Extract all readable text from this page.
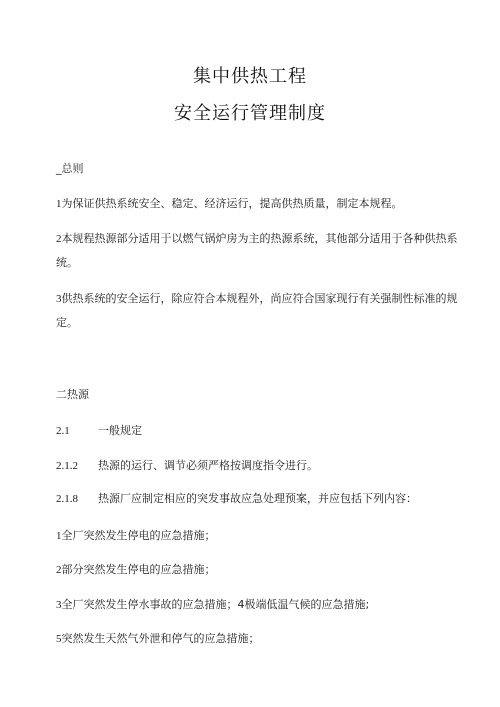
集中供热工程
安全运行管理制度
_总则
1为保证供热系统安全、稳定、经济运行，提高供热质量，制定本规程。
2本规程热源部分适用于以燃气锅炉房为主的热源系统，其他部分适用于各种供热系统。
3供热系统的安全运行，除应符合本规程外，尚应符合国家现行有关强制性标准的规定。
二热源
2.1	一般规定
2.1.2 热源的运行、调节必须严格按调度指令进行。
2.1.8 热源厂应制定相应的突发事故应急处理预案，并应包括下列内容：
1全厂突然发生停电的应急措施；
2部分突然发生停电的应急措施；
3全厂突然发生停水事故的应急措施；4极端低温气候的应急措施;
5突然发生天然气外泄和停气的应急措施；
